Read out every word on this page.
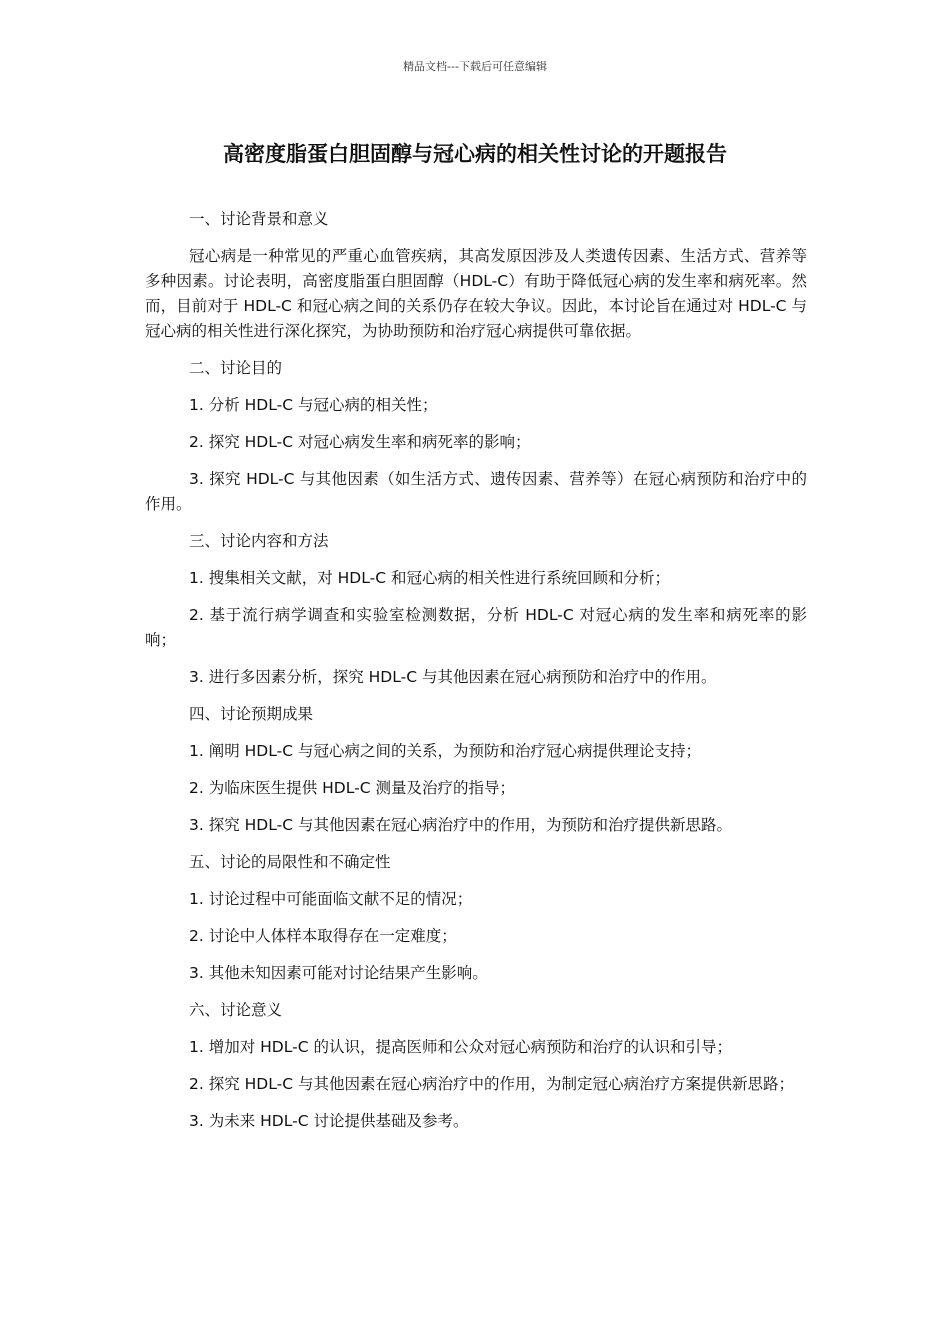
精品文档---下载后可任意编辑
高密度脂蛋白胆固醇与冠心病的相关性讨论的开题报告

一、讨论背景和意义

冠心病是一种常见的严重心血管疾病，其高发原因涉及人类遗传因素、生活方式、营养等多种因素。讨论表明，高密度脂蛋白胆固醇（HDL-C）有助于降低冠心病的发生率和病死率。然而，目前对于 HDL-C 和冠心病之间的关系仍存在较大争议。因此，本讨论旨在通过对 HDL-C 与冠心病的相关性进行深化探究，为协助预防和治疗冠心病提供可靠依据。

二、讨论目的

1. 分析 HDL-C 与冠心病的相关性；

2. 探究 HDL-C 对冠心病发生率和病死率的影响；

3. 探究 HDL-C 与其他因素（如生活方式、遗传因素、营养等）在冠心病预防和治疗中的作用。

三、讨论内容和方法

1. 搜集相关文献，对 HDL-C 和冠心病的相关性进行系统回顾和分析；

2. 基于流行病学调查和实验室检测数据，分析 HDL-C 对冠心病的发生率和病死率的影响；

3. 进行多因素分析，探究 HDL-C 与其他因素在冠心病预防和治疗中的作用。

四、讨论预期成果

1. 阐明 HDL-C 与冠心病之间的关系，为预防和治疗冠心病提供理论支持；

2. 为临床医生提供 HDL-C 测量及治疗的指导；

3. 探究 HDL-C 与其他因素在冠心病治疗中的作用，为预防和治疗提供新思路。

五、讨论的局限性和不确定性

1. 讨论过程中可能面临文献不足的情况；

2. 讨论中人体样本取得存在一定难度；

3. 其他未知因素可能对讨论结果产生影响。

六、讨论意义

1. 增加对 HDL-C 的认识，提高医师和公众对冠心病预防和治疗的认识和引导；

2. 探究 HDL-C 与其他因素在冠心病治疗中的作用，为制定冠心病治疗方案提供新思路；

3. 为未来 HDL-C 讨论提供基础及参考。
